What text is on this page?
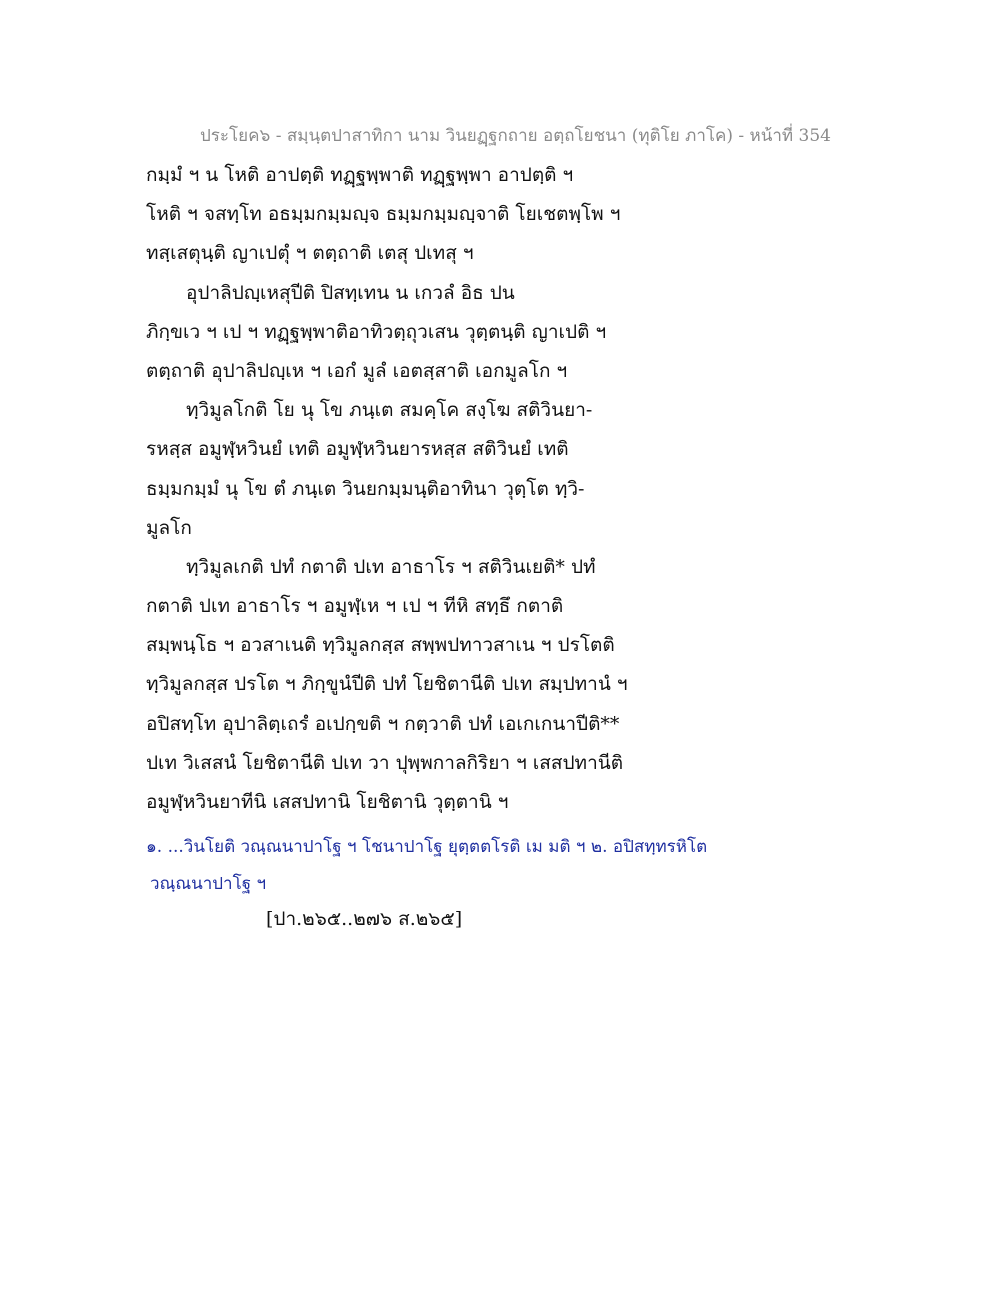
ประโยค๖ - สมฺนฺตปาสาทิกา นาม วินยฏฺฐกถาย อตฺถโยชนา (ทุติโย ภาโค) - หน้าที่ 354
กมฺมํ ฯ น โหติ อาปตฺติ ทฏฺฐพฺพาติ ทฏฺฐพฺพา อาปตฺติ ฯ
โหติ ฯ จสทฺโท อธมฺมกมฺมญฺจ ธมฺมกมฺมญฺจาติ โยเชตพฺโพ ฯ
ทสฺเสตุนฺติ ญาเปตุํ ฯ ตตฺถาติ เตสุ ปเทสุ ฯ
อุปาลิปญฺเหสุปีติ ปิสทฺเทน น เกวลํ อิธ ปน
ภิกฺขเว ฯ เป ฯ ทฏฺฐพฺพาติอาทิวตฺถุวเสน วุตฺตนฺติ ญาเปติ ฯ
ตตฺถาติ อุปาลิปญฺเห ฯ เอกํ มูลํ เอตสฺสาติ เอกมูลโก ฯ
ทฺวิมูลโกติ โย นุ โข ภนฺเต สมคฺโค สงฺโฆ สติวินยา-
รหสฺส อมูฬฺหวินยํ เทติ อมูฬฺหวินยารหสฺส สติวินยํ เทติ
ธมฺมกมฺมํ นุ โข ตํ ภนฺเต วินยกมฺมนฺติอาทินา วุตฺโต ทฺวิ-
มูลโก
ทฺวิมูลเกติ ปทํ กตาติ ปเท อาธาโร ฯ สติวินเยติ* ปทํ
กตาติ ปเท อาธาโร ฯ อมูฬฺเห ฯ เป ฯ ทีหิ สทฺธึ กตาติ
สมฺพนฺโธ ฯ อวสาเนติ ทฺวิมูลกสฺส สพฺพปทาวสาเน ฯ ปรโตติ
ทฺวิมูลกสฺส ปรโต ฯ ภิกฺขูนํปีติ ปทํ โยชิตานีติ ปเท สมฺปทานํ ฯ
อปิสทฺโท อุปาลิตฺเถรํ อเปกฺขติ ฯ กตฺวาติ ปทํ เอเกเกนาปีติ**
ปเท วิเสสนํ โยชิตานีติ ปเท วา ปุพฺพกาลกิริยา ฯ เสสปทานีติ
อมูฬฺหวินยาทีนิ เสสปทานิ โยชิตานิ วุตฺตานิ ฯ
๑. ...วินโยติ วณฺณนาปาโฐ ฯ โชนาปาโฐ ยุตฺตตโรติ เม มติ ฯ ๒. อปิสทฺทรหิโต
วณฺณนาปาโฐ ฯ
[ปา.๒๖๕..๒๗๖ ส.๒๖๕]
